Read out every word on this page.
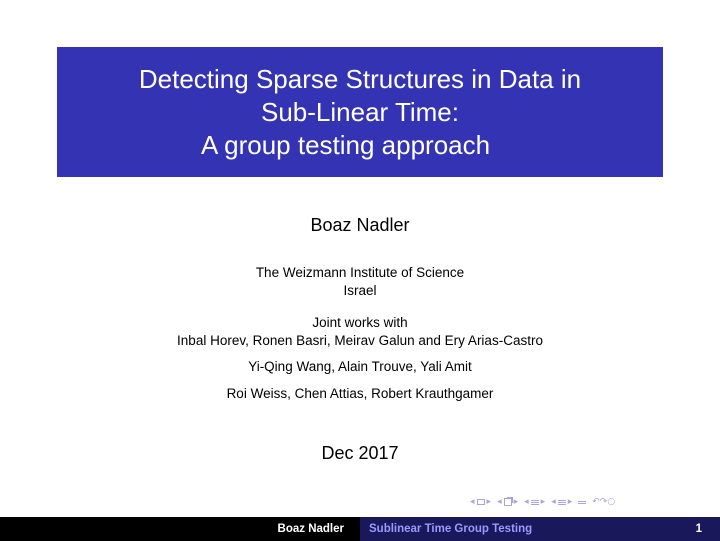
Detecting Sparse Structures in Data in
Sub-Linear Time:
A group testing approach
Boaz Nadler
The Weizmann Institute of Science
Israel
Joint works with
Inbal Horev, Ronen Basri, Meirav Galun and Ery Arias-Castro
Yi-Qing Wang, Alain Trouve, Yali Amit
Roi Weiss, Chen Attias, Robert Krauthgamer
Dec 2017
◂ ▸ ◂ ▸ ◂ ▸ ◂ ▸ ↶↷○
Boaz Nadler Sublinear Time Group Testing	1
